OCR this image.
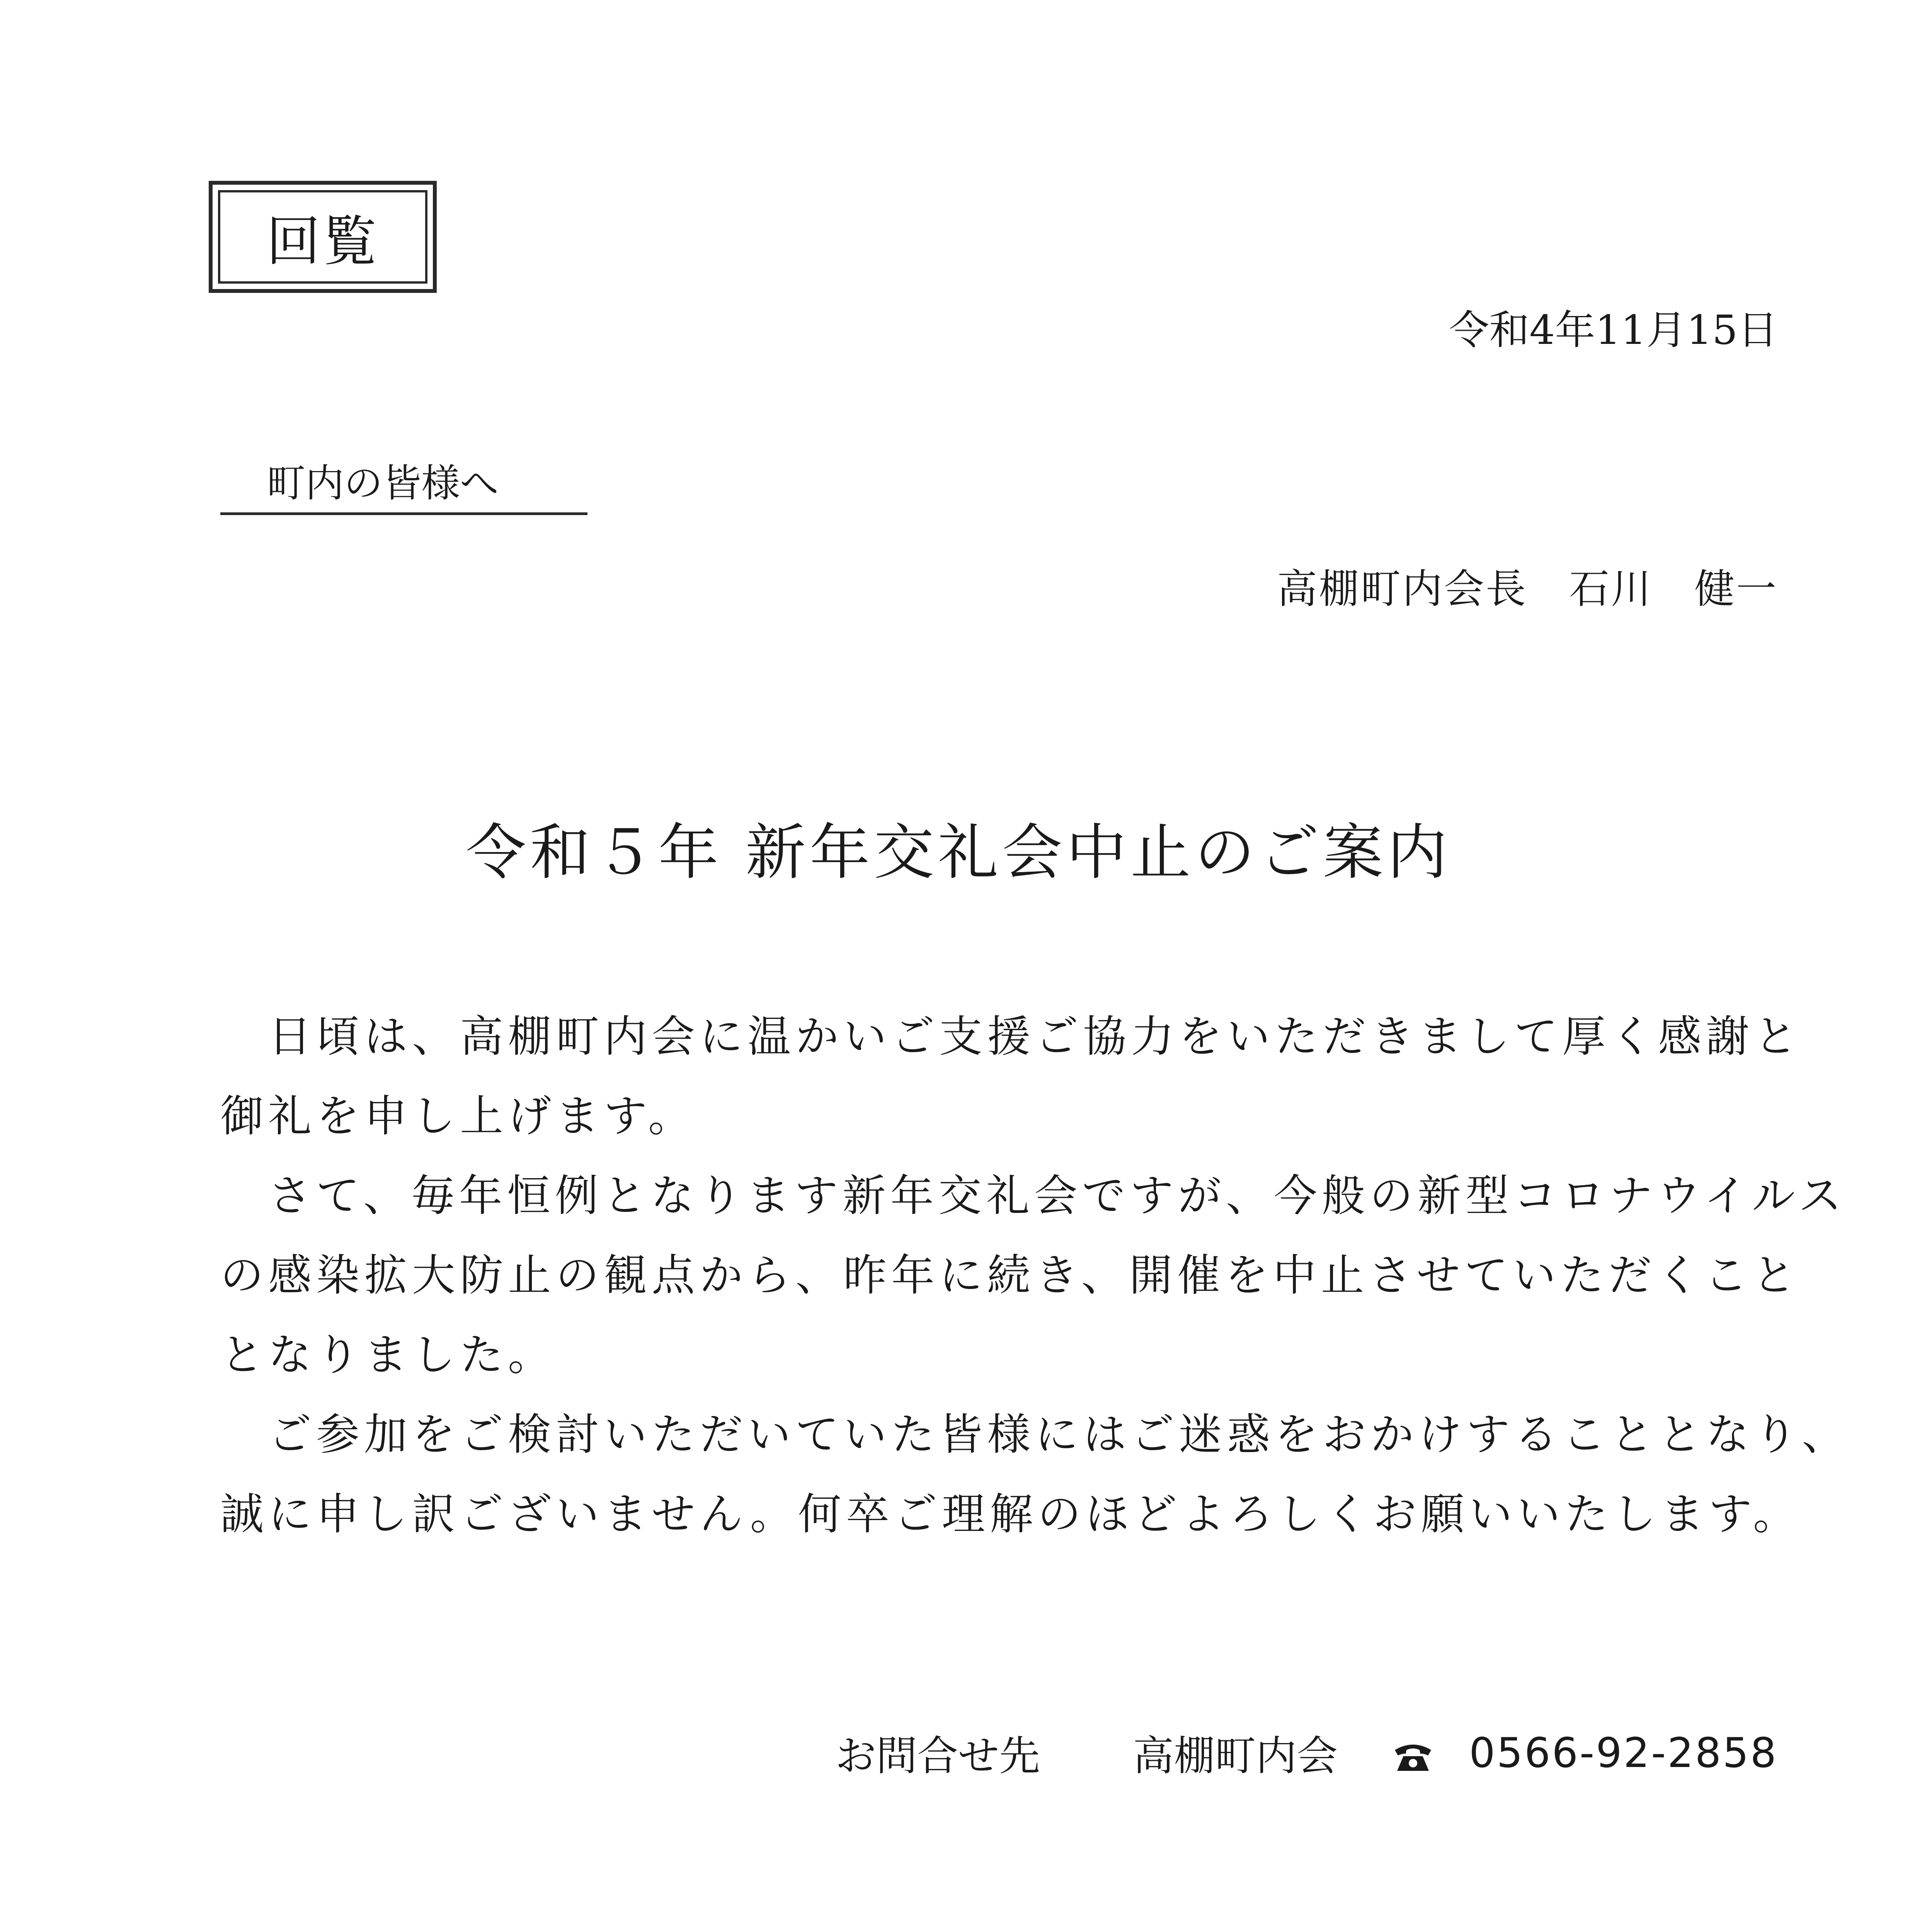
回覧
令和4年11月15日
町内の皆様へ
高棚町内会長　石川　健一
令和５年 新年交礼会中止のご案内
　日頃は、高棚町内会に温かいご支援ご協力をいただきまして厚く感謝と
御礼を申し上げます。
　さて、毎年恒例となります新年交礼会ですが、今般の新型コロナウイルス
の感染拡大防止の観点から、昨年に続き、開催を中止させていただくこと
となりました。
　ご参加をご検討いただいていた皆様にはご迷惑をおかけすることとなり、
誠に申し訳ございません。何卒ご理解のほどよろしくお願いいたします。
お問合せ先 高棚町内会	0566-92-2858
